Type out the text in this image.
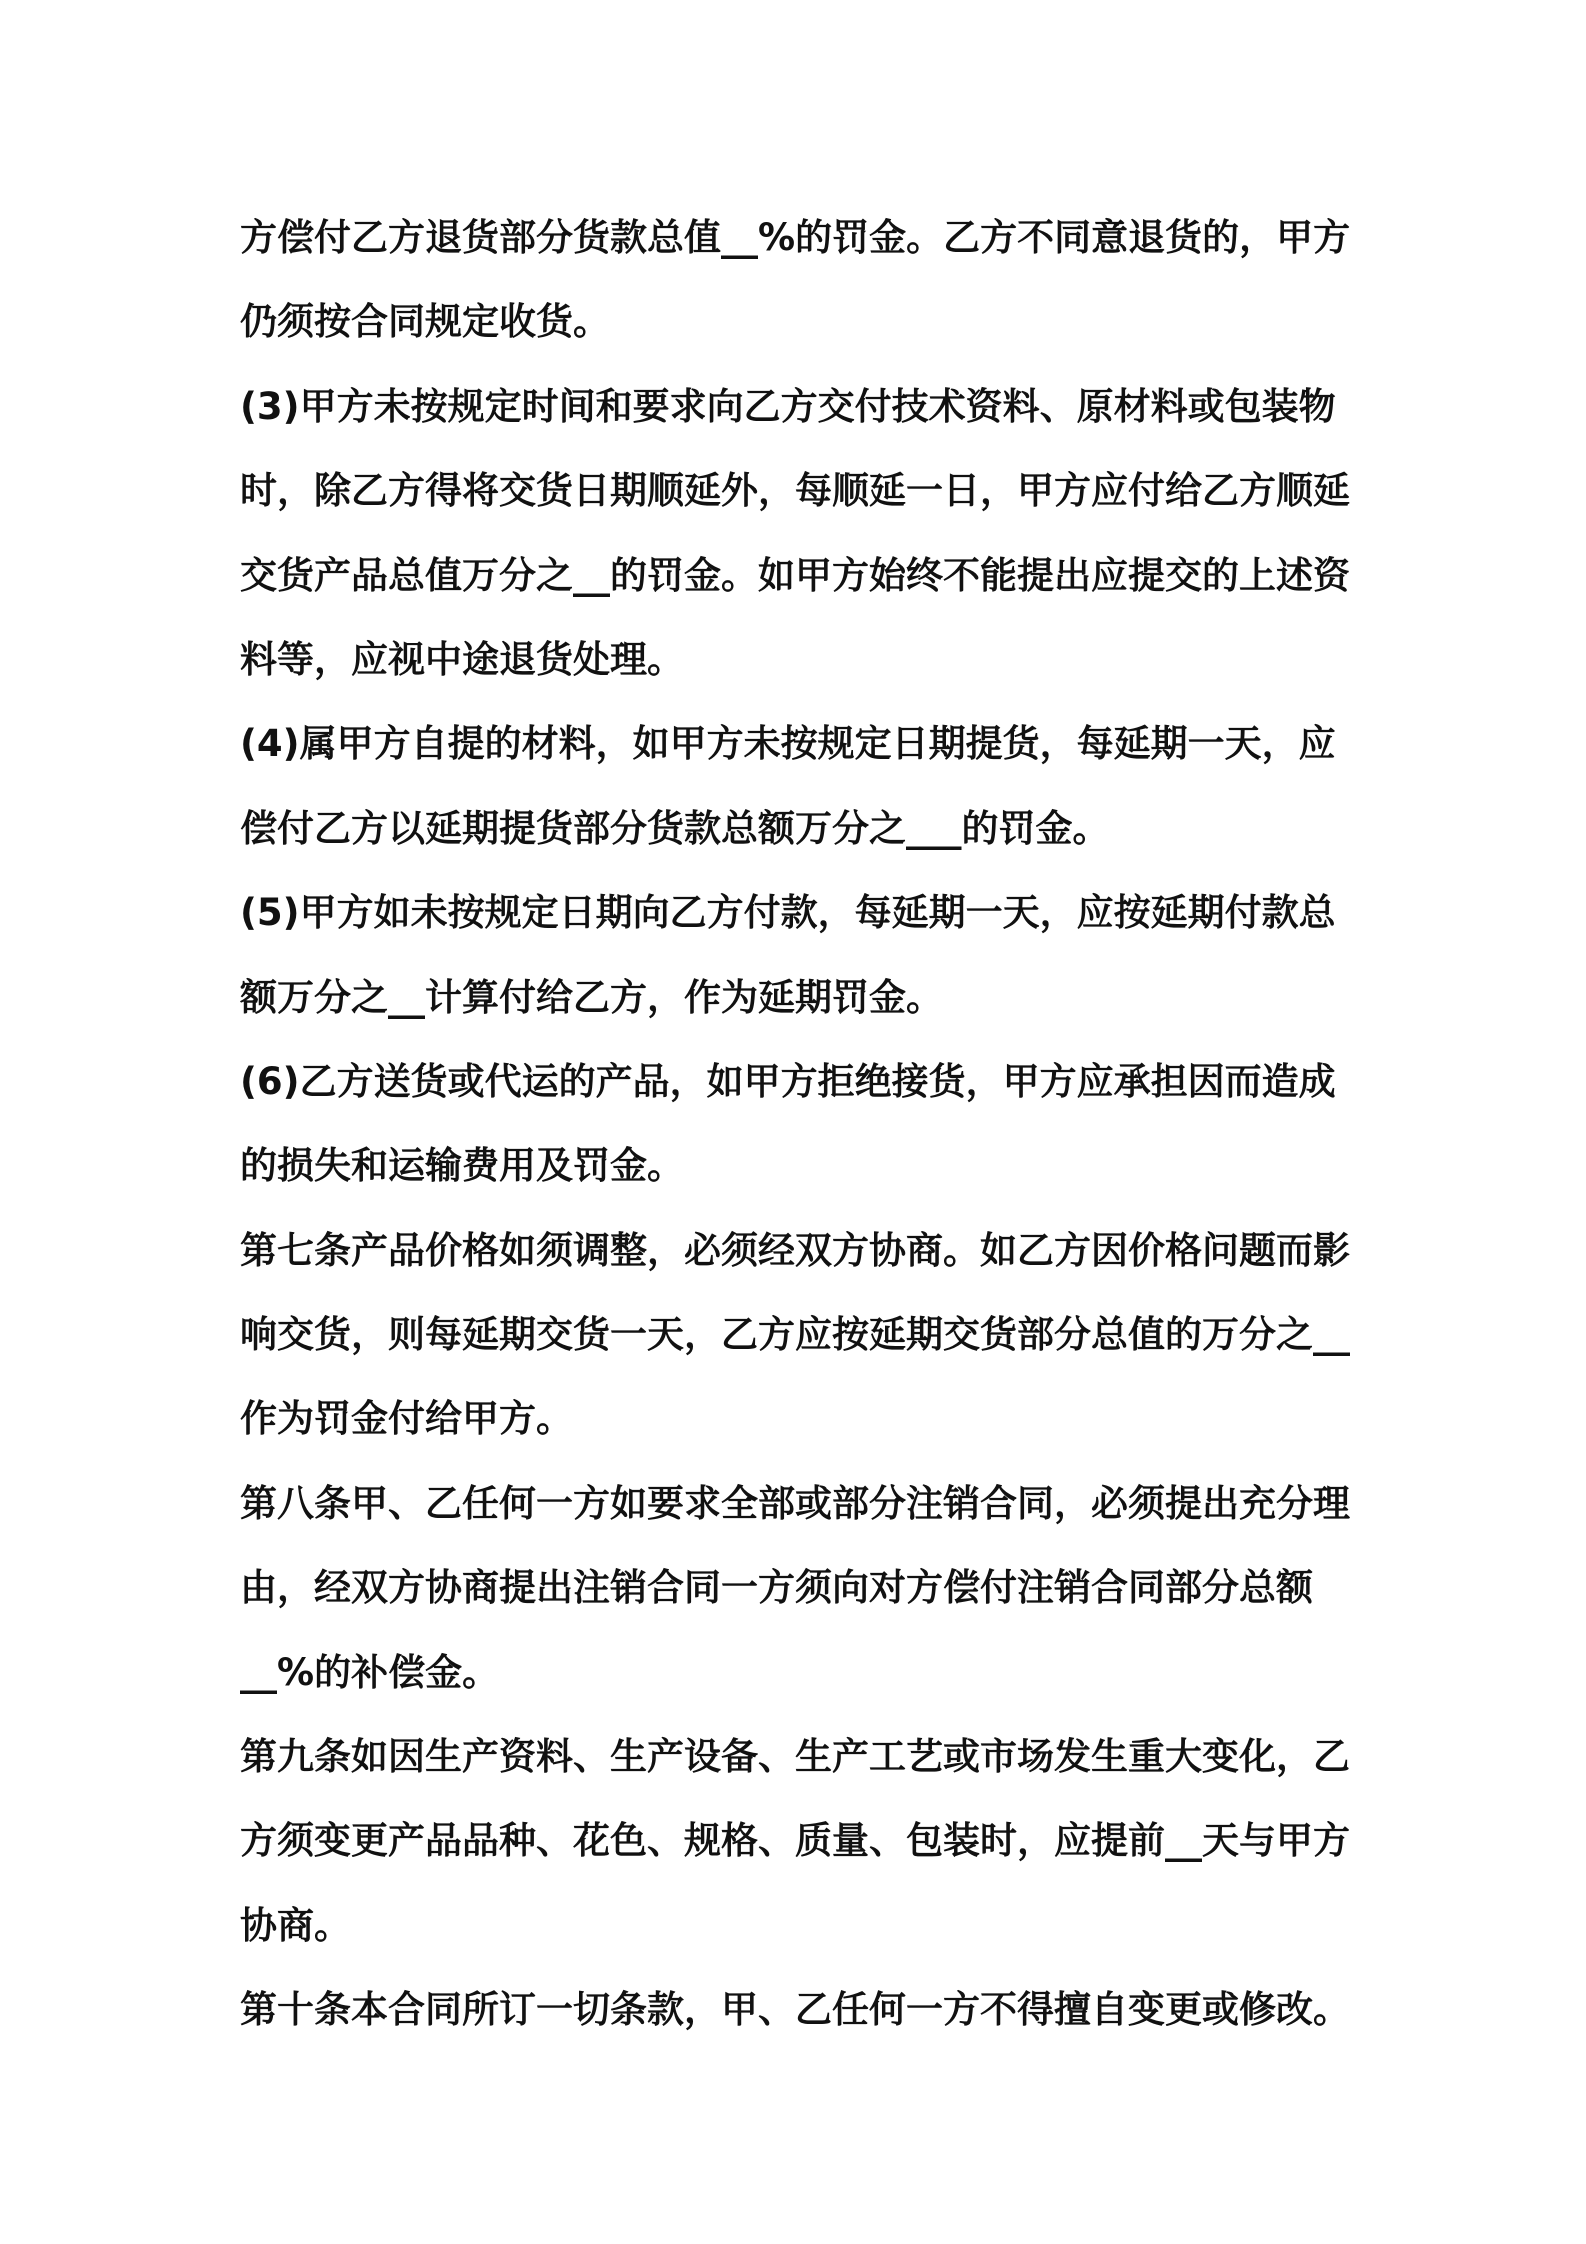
方偿付乙方退货部分货款总值__%的罚金。乙方不同意退货的，甲方
仍须按合同规定收货。
(3)甲方未按规定时间和要求向乙方交付技术资料、原材料或包装物
时，除乙方得将交货日期顺延外，每顺延一日，甲方应付给乙方顺延
交货产品总值万分之__的罚金。如甲方始终不能提出应提交的上述资
料等，应视中途退货处理。
(4)属甲方自提的材料，如甲方未按规定日期提货，每延期一天，应
偿付乙方以延期提货部分货款总额万分之___的罚金。
(5)甲方如未按规定日期向乙方付款，每延期一天，应按延期付款总
额万分之__计算付给乙方，作为延期罚金。
(6)乙方送货或代运的产品，如甲方拒绝接货，甲方应承担因而造成
的损失和运输费用及罚金。
第七条产品价格如须调整，必须经双方协商。如乙方因价格问题而影
响交货，则每延期交货一天，乙方应按延期交货部分总值的万分之__
作为罚金付给甲方。
第八条甲、乙任何一方如要求全部或部分注销合同，必须提出充分理
由，经双方协商提出注销合同一方须向对方偿付注销合同部分总额
__%的补偿金。
第九条如因生产资料、生产设备、生产工艺或市场发生重大变化，乙
方须变更产品品种、花色、规格、质量、包装时，应提前__天与甲方
协商。
第十条本合同所订一切条款，甲、乙任何一方不得擅自变更或修改。
